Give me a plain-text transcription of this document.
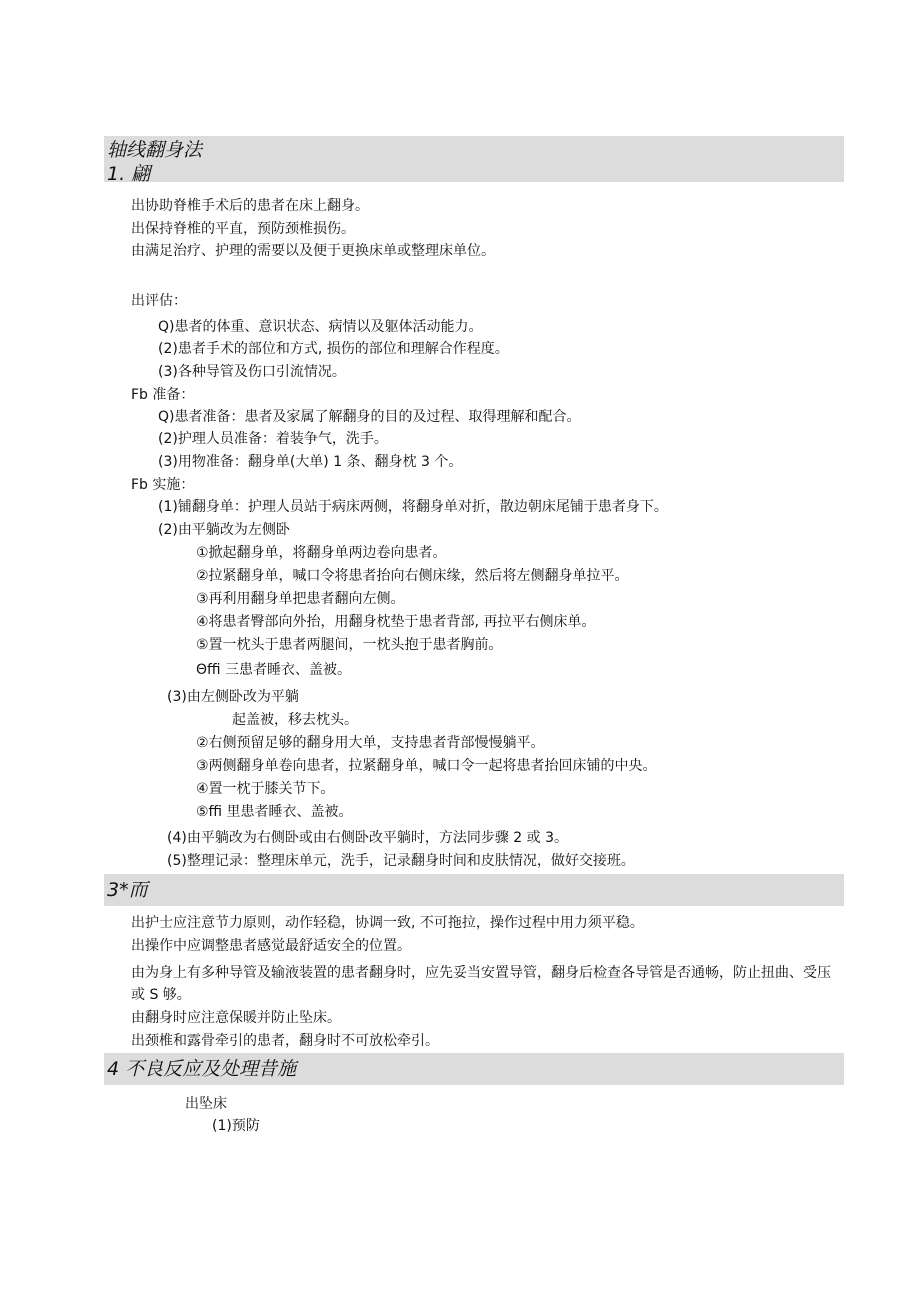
轴线翻身法
1. 翩
出协助脊椎手术后的患者在床上翻身。
出保持脊椎的平直，预防颈椎损伤。
由满足治疗、护理的需要以及便于更换床单或整理床单位。
出评估：
Q)患者的体重、意识状态、病情以及躯体活动能力。
(2)患者手术的部位和方式, 损伤的部位和理解合作程度。
(3)各种导管及伤口引流情况。
Fb 准备：
Q)患者准备：患者及家属了解翻身的目的及过程、取得理解和配合。
(2)护理人员准备：着装争气，洗手。
(3)用物准备：翻身单(大单) 1 条、翻身枕 3 个。
Fb 实施：
(1)铺翻身单：护理人员站于病床两侧，将翻身单对折，散边朝床尾铺于患者身下。
(2)由平躺改为左侧卧
①掀起翻身单，将翻身单两边卷向患者。
②拉紧翻身单，喊口令将患者抬向右侧床缘，然后将左侧翻身单拉平。
③再利用翻身单把患者翻向左侧。
④将患者臀部向外抬，用翻身枕垫于患者背部, 再拉平右侧床单。
⑤置一枕头于患者两腿间，一枕头抱于患者胸前。
Θffi 三患者睡衣、盖被。
(3)由左侧卧改为平躺
起盖被，移去枕头。
②右侧预留足够的翻身用大单，支持患者背部慢慢躺平。
③两侧翻身单卷向患者，拉紧翻身单，喊口令一起将患者抬回床铺的中央。
④置一枕于膝关节下。
⑤ffi 里患者睡衣、盖被。
(4)由平躺改为右侧卧或由右侧卧改平躺时，方法同步骤 2 或 3。
(5)整理记录：整理床单元，洗手，记录翻身时间和皮肤情况，做好交接班。
3*而
出护士应注意节力原则，动作轻稳，协调一致, 不可拖拉，操作过程中用力须平稳。
出操作中应调整患者感觉最舒适安全的位置。
由为身上有多种导管及输液装置的患者翻身时，应先妥当安置导管，翻身后检查各导管是否通畅，防止扭曲、受压或 S 够。
由翻身时应注意保暖并防止坠床。
出颈椎和露骨牵引的患者，翻身时不可放松牵引。
4 不良反应及处理昔施
出坠床
(1)预防
